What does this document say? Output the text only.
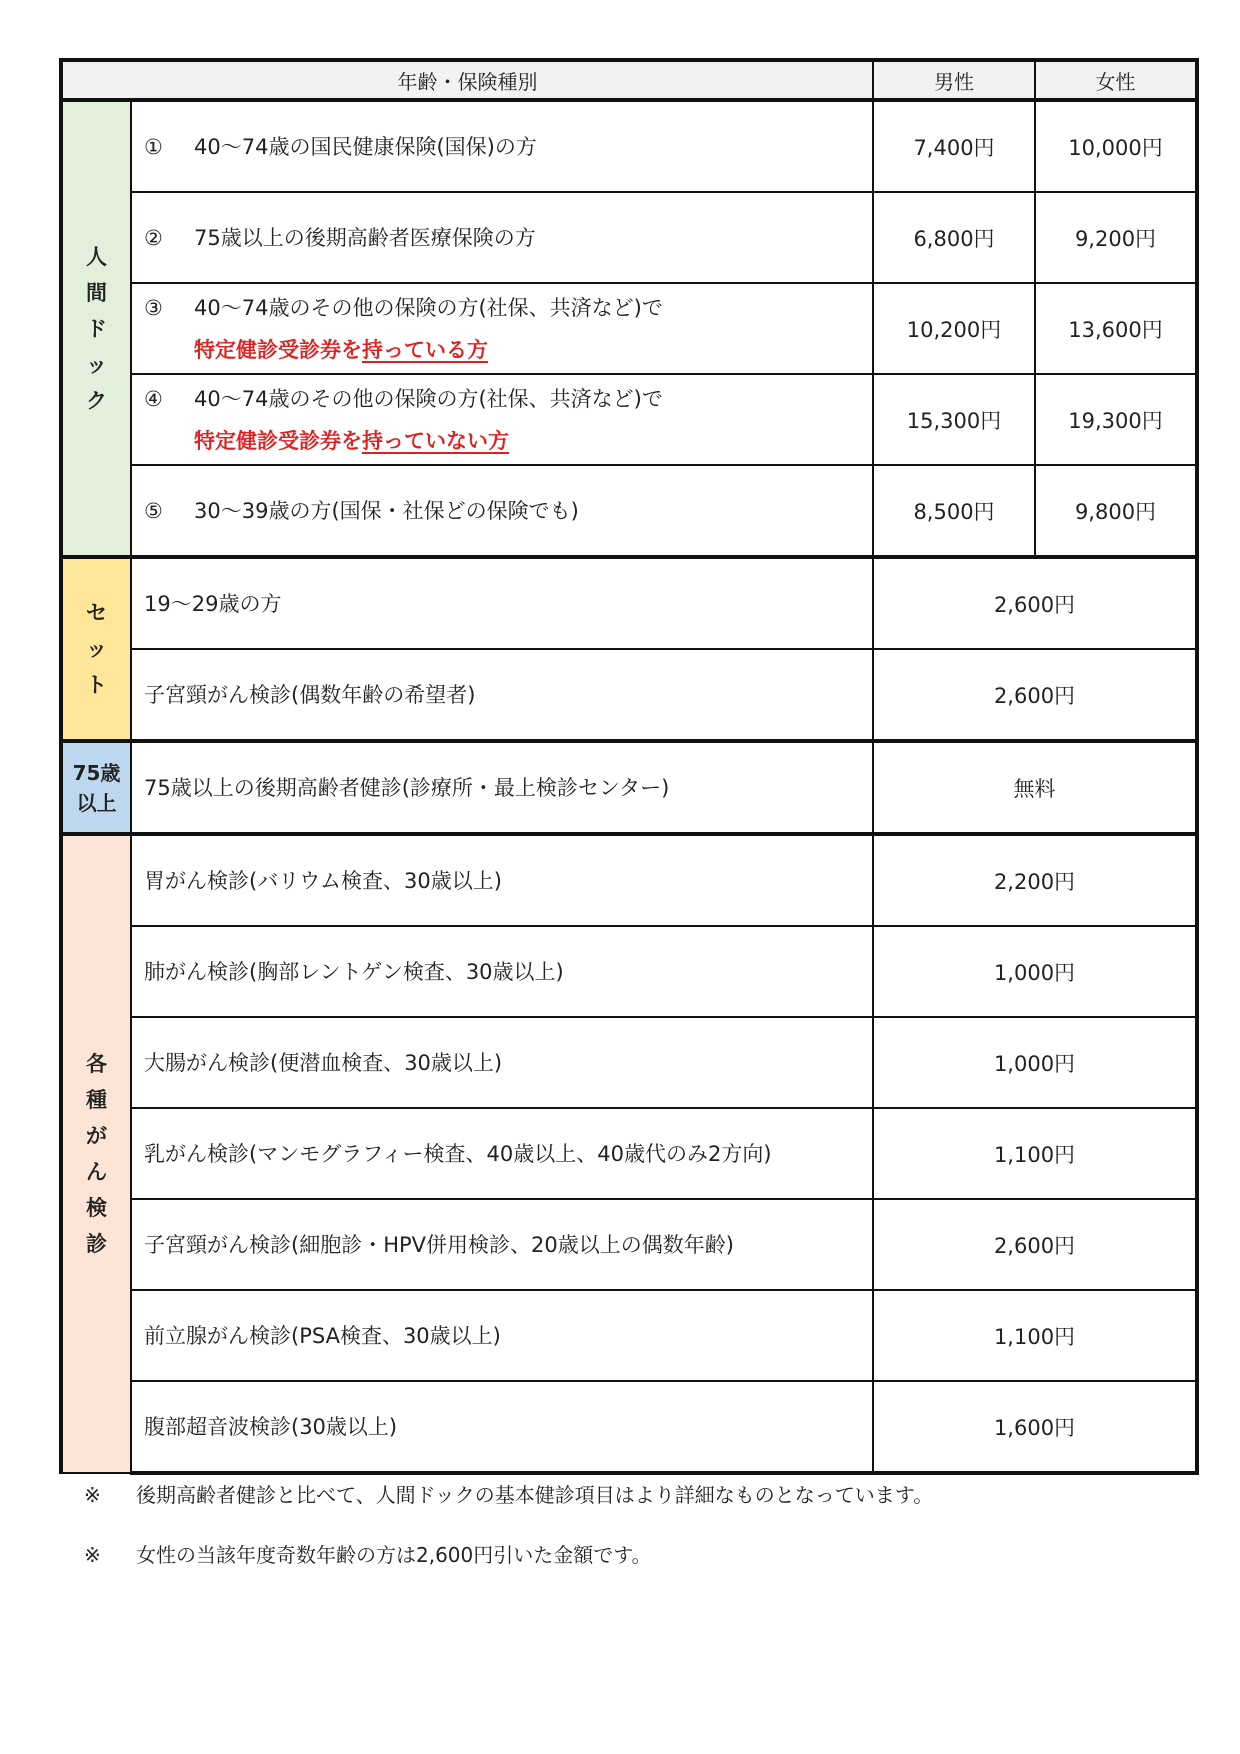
年齢・保険種別		男性	女性
人間ドック	① 40〜74歳の国民健康保険(国保)の方	7,400円	10,000円
	② 75歳以上の後期高齢者医療保険の方	6,800円	9,200円
	③ 40〜74歳のその他の保険の方(社保、共済など)で
特定健診受診券を持っている方	10,200円	13,600円
	④ 40〜74歳のその他の保険の方(社保、共済など)で
特定健診受診券を持っていない方	15,300円	19,300円
	⑤ 30〜39歳の方(国保・社保どの保険でも)	8,500円	9,800円
セット	19〜29歳の方	2,600円	
	子宮頸がん検診(偶数年齢の希望者)	2,600円	
75歳
以上	75歳以上の後期高齢者健診(診療所・最上検診センター)	無料	
各種がん検診	胃がん検診(バリウム検査、30歳以上)	2,200円	
	肺がん検診(胸部レントゲン検査、30歳以上)	1,000円	
	大腸がん検診(便潜血検査、30歳以上)	1,000円	
	乳がん検診(マンモグラフィー検査、40歳以上、40歳代のみ2方向)	1,100円	
	子宮頸がん検診(細胞診・HPV併用検診、20歳以上の偶数年齢)	2,600円	
	前立腺がん検診(PSA検査、30歳以上)	1,100円	
	腹部超音波検診(30歳以上)	1,600円	
※ 後期高齢者健診と比べて、人間ドックの基本健診項目はより詳細なものとなっています。
※ 女性の当該年度奇数年齢の方は2,600円引いた金額です。
